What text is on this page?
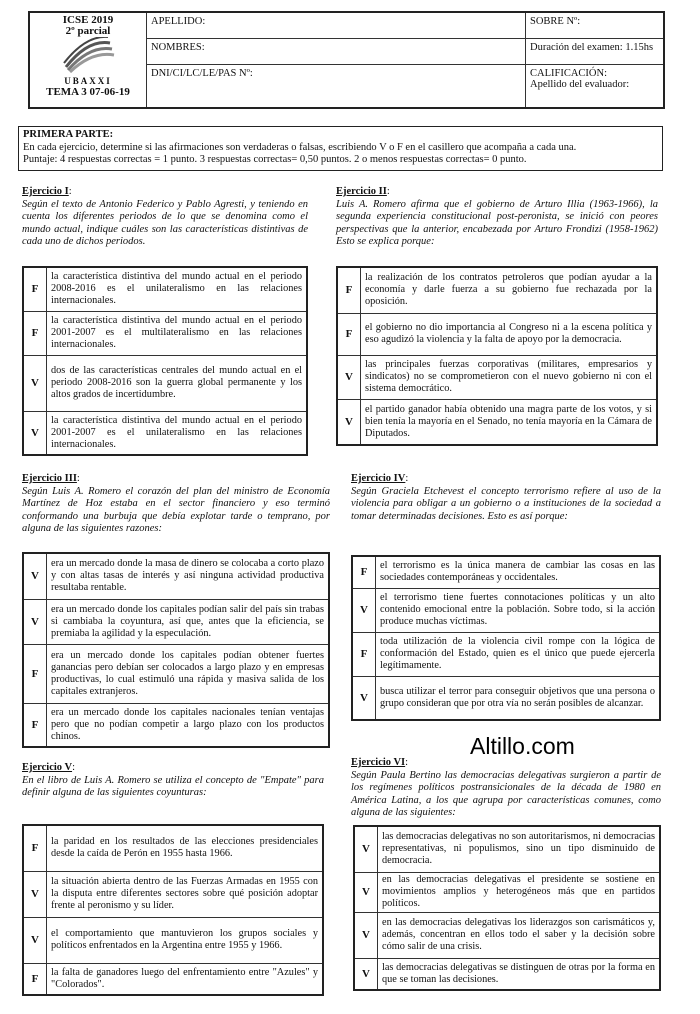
ICSE 2019
2º parcial
UBAXXI
TEMA 3 07-06-19	APELLIDO:	SOBRE Nº:
	NOMBRES:	Duración del examen: 1.15hs
	DNI/CI/LC/LE/PAS Nº:	CALIFICACIÓN:
Apellido del evaluador:
PRIMERA PARTE:
En cada ejercicio, determine si las afirmaciones son verdaderas o falsas, escribiendo V o F en el casillero que acompaña a cada una.
Puntaje: 4 respuestas correctas = 1 punto. 3 respuestas correctas= 0,50 puntos. 2 o menos respuestas correctas= 0 punto.
Ejercicio I:
Según el texto de Antonio Federico y Pablo Agresti, y teniendo en cuenta los diferentes periodos de lo que se denomina como el mundo actual, indique cuáles son las características distintivas de cada uno de dichos periodos.
F	la característica distintiva del mundo actual en el periodo 2008-2016 es el unilateralismo en las relaciones internacionales.
F	la característica distintiva del mundo actual en el periodo 2001-2007 es el multilateralismo en las relaciones internacionales.
V	dos de las características centrales del mundo actual en el periodo 2008-2016 son la guerra global permanente y los altos grados de incertidumbre.
V	la característica distintiva del mundo actual en el periodo 2001-2007 es el unilateralismo en las relaciones internacionales.
Ejercicio II:
Luis A. Romero afirma que el gobierno de Arturo Illia (1963-1966), la segunda experiencia constitucional post-peronista, se inició con peores perspectivas que la anterior, encabezada por Arturo Frondizi (1958-1962) Esto se explica porque:
F	la realización de los contratos petroleros que podían ayudar a la economía y darle fuerza a su gobierno fue rechazada por la oposición.
F	el gobierno no dio importancia al Congreso ni a la escena política y eso agudizó la violencia y la falta de apoyo por la democracia.
V	las principales fuerzas corporativas (militares, empresarios y sindicatos) no se comprometieron con el nuevo gobierno ni con el sistema democrático.
V	el partido ganador había obtenido una magra parte de los votos, y si bien tenía la mayoría en el Senado, no tenía mayoría en la Cámara de Diputados.
Ejercicio III:
Según Luis A. Romero el corazón del plan del ministro de Economía Martínez de Hoz estaba en el sector financiero y eso terminó conformando una burbuja que debía explotar tarde o temprano, por alguna de las siguientes razones:
V	era un mercado donde la masa de dinero se colocaba a corto plazo y con altas tasas de interés y así ninguna actividad productiva resultaba rentable.
V	era un mercado donde los capitales podían salir del país sin trabas si cambiaba la coyuntura, así que, antes que la eficiencia, se premiaba la agilidad y la especulación.
F	era un mercado donde los capitales podían obtener fuertes ganancias pero debían ser colocados a largo plazo y en empresas productivas, lo cual estimuló una rápida y masiva salida de los capitales extranjeros.
F	era un mercado donde los capitales nacionales tenían ventajas pero que no podían competir a largo plazo con los productos chinos.
Ejercicio IV:
Según Graciela Etchevest el concepto terrorismo refiere al uso de la violencia para obligar a un gobierno o a instituciones de la sociedad a tomar determinadas decisiones. Esto es así porque:
F	el terrorismo es la única manera de cambiar las cosas en las sociedades contemporáneas y occidentales.
V	el terrorismo tiene fuertes connotaciones políticas y un alto contenido emocional entre la población. Sobre todo, si la acción produce muchas víctimas.
F	toda utilización de la violencia civil rompe con la lógica de conformación del Estado, quien es el único que puede ejercerla legítimamente.
V	busca utilizar el terror para conseguir objetivos que una persona o grupo consideran que por otra vía no serán posibles de alcanzar.
Altillo.com
Ejercicio V:
En el libro de Luis A. Romero se utiliza el concepto de "Empate" para definir alguna de las siguientes coyunturas:
F	la paridad en los resultados de las elecciones presidenciales desde la caída de Perón en 1955 hasta 1966.
V	la situación abierta dentro de las Fuerzas Armadas en 1955 con la disputa entre diferentes sectores sobre qué posición adoptar frente al peronismo y su líder.
V	el comportamiento que mantuvieron los grupos sociales y políticos enfrentados en la Argentina entre 1955 y 1966.
F	la falta de ganadores luego del enfrentamiento entre "Azules" y "Colorados".
Ejercicio VI:
Según Paula Bertino las democracias delegativas surgieron a partir de los regímenes políticos postransicionales de la década de 1980 en América Latina, a los que agrupa por características comunes, como alguna de las siguientes:
V	las democracias delegativas no son autoritarismos, ni democracias representativas, ni populismos, sino un tipo disminuido de democracia.
V	en las democracias delegativas el presidente se sostiene en movimientos amplios y heterogéneos más que en partidos políticos.
V	en las democracias delegativas los liderazgos son carismáticos y, además, concentran en ellos todo el saber y la decisión sobre cómo salir de una crisis.
V	las democracias delegativas se distinguen de otras por la forma en que se toman las decisiones.
